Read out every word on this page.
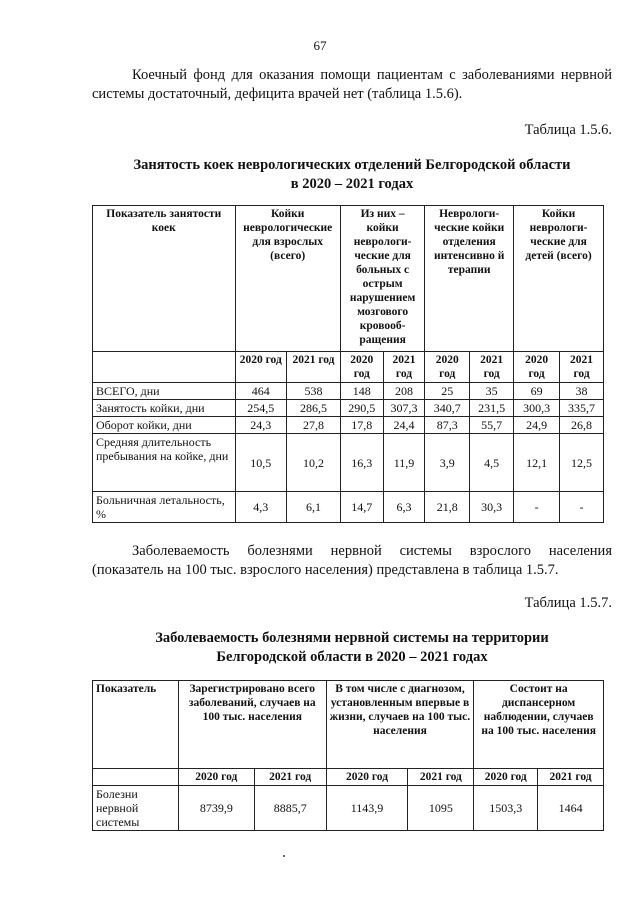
67
Коечный фонд для оказания помощи пациентам с заболеваниями нервной системы достаточный, дефицита врачей нет (таблица 1.5.6).
Таблица 1.5.6.
Занятость коек неврологических отделений Белгородской области
в 2020 – 2021 годах
Показатель занятости коек	Койки неврологические для взрослых (всего)		Из них – койки неврологи-ческие для больных с острым нарушением мозгового кровооб-ращения		Неврологи-ческие койки отделения интенсивно й терапии		Койки неврологи-ческие для детей (всего)	
	2020 год	2021 год	2020 год	2021 год	2020 год	2021 год	2020 год	2021 год
ВСЕГО, дни	464	538	148	208	25	35	69	38
Занятость койки, дни	254,5	286,5	290,5	307,3	340,7	231,5	300,3	335,7
Оборот койки, дни	24,3	27,8	17,8	24,4	87,3	55,7	24,9	26,8
Средняя длительность пребывания на койке, дни	10,5	10,2	16,3	11,9	3,9	4,5	12,1	12,5
Больничная летальность, %	4,3	6,1	14,7	6,3	21,8	30,3	-	-
Заболеваемость болезнями нервной системы взрослого населения (показатель на 100 тыс. взрослого населения) представлена в таблица 1.5.7.
Таблица 1.5.7.
Заболеваемость болезнями нервной системы на территории
Белгородской области в 2020 – 2021 годах
Показатель	Зарегистрировано всего заболеваний, случаев на 100 тыс. населения		В том числе с диагнозом, установленным впервые в жизни, случаев на 100 тыс. населения		Состоит на диспансерном наблюдении, случаев на 100 тыс. населения	
	2020 год	2021 год	2020 год	2021 год	2020 год	2021 год
Болезни нервной системы	8739,9	8885,7	1143,9	1095	1503,3	1464
